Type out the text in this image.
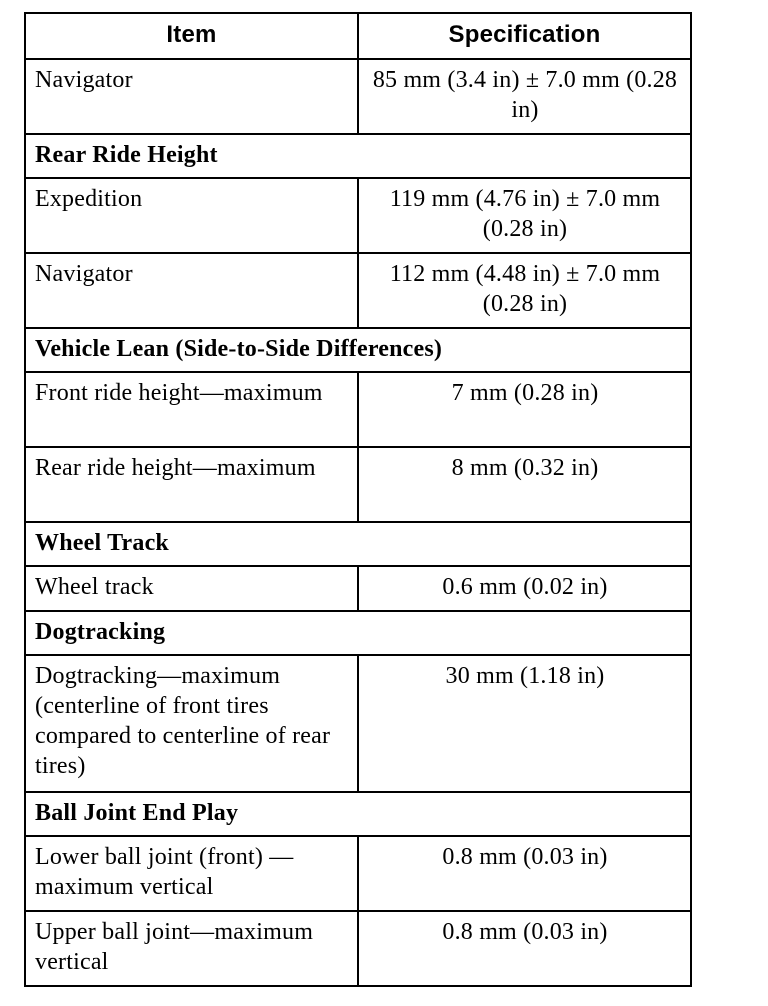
Item	Specification
Navigator	85 mm (3.4 in) ± 7.0 mm (0.28 in)
Rear Ride Height	
Expedition	119 mm (4.76 in) ± 7.0 mm (0.28 in)
Navigator	112 mm (4.48 in) ± 7.0 mm (0.28 in)
Vehicle Lean (Side-to-Side Differences)	
Front ride height—maximum	7 mm (0.28 in)
Rear ride height—maximum	8 mm (0.32 in)
Wheel Track	
Wheel track	0.6 mm (0.02 in)
Dogtracking	
Dogtracking—maximum (centerline of front tires compared to centerline of rear tires)	30 mm (1.18 in)
Ball Joint End Play	
Lower ball joint (front) — maximum vertical	0.8 mm (0.03 in)
Upper ball joint—maximum vertical	0.8 mm (0.03 in)
